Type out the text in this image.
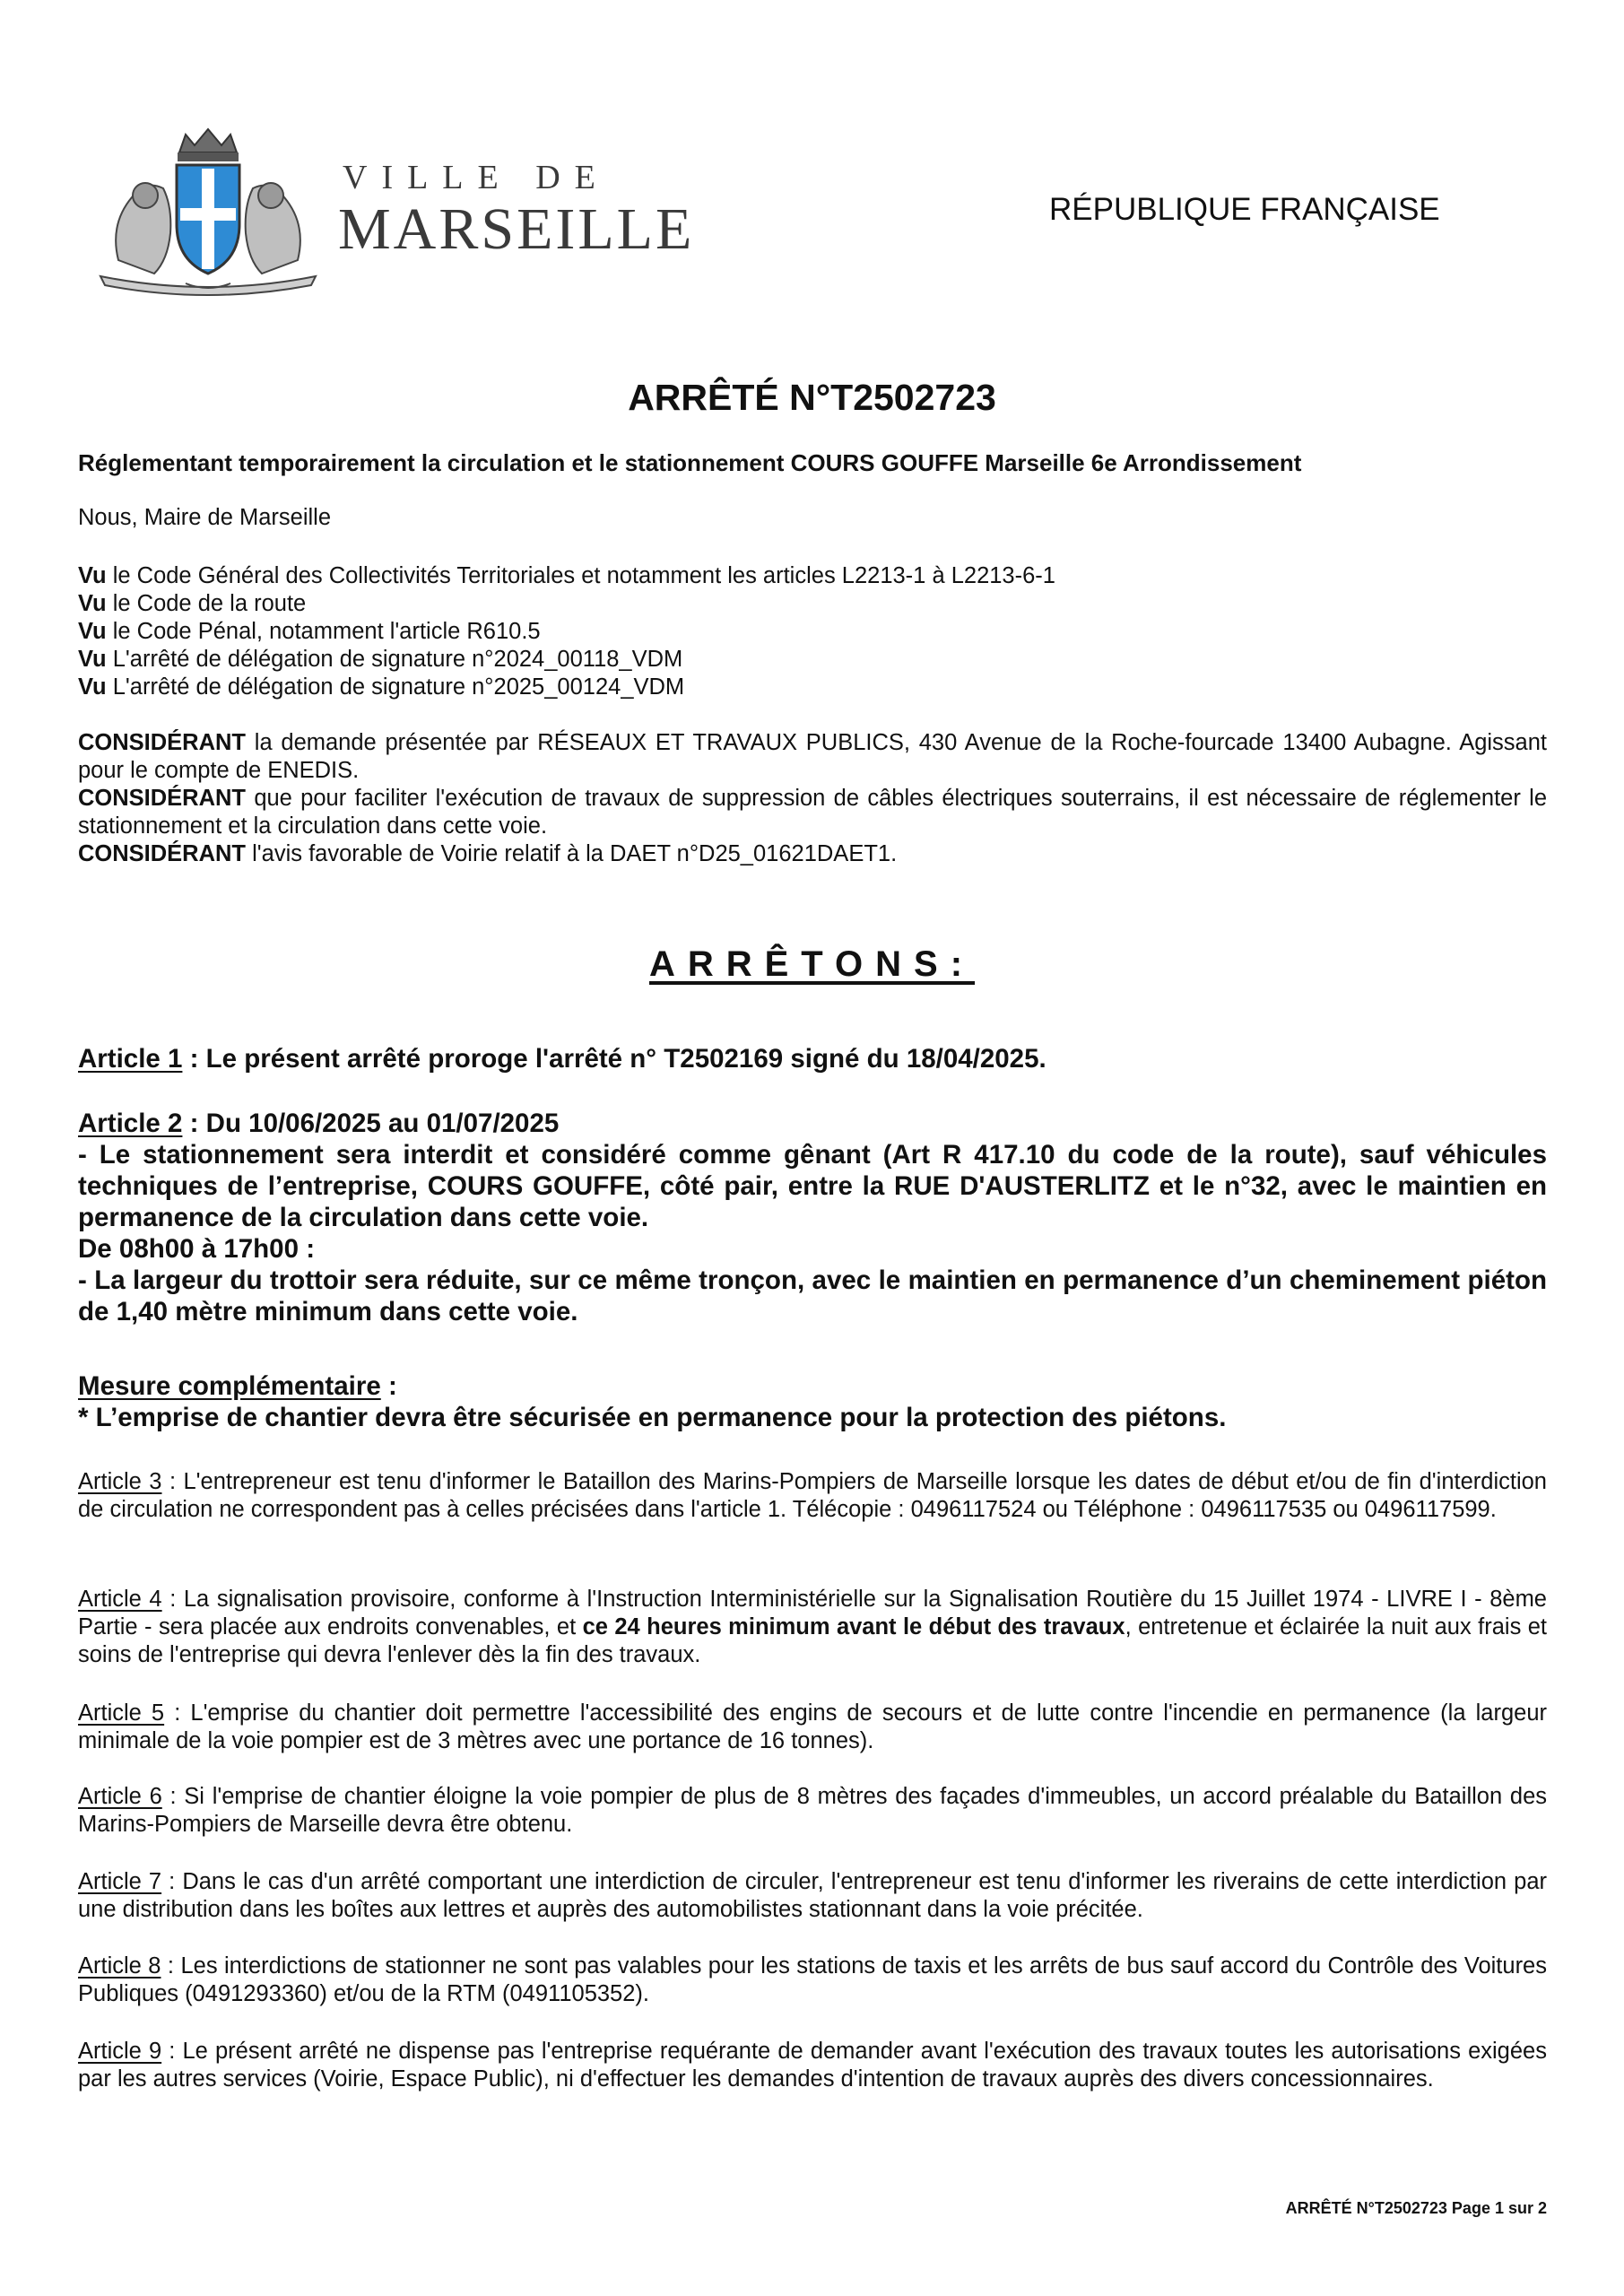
VILLE DE
MARSEILLE	RÉPUBLIQUE FRANÇAISE
ARRÊTÉ N°T2502723
Réglementant temporairement la circulation et le stationnement COURS GOUFFE Marseille 6e Arrondissement

Nous, Maire de Marseille

Vu le Code Général des Collectivités Territoriales et notamment les articles L2213-1 à L2213-6-1

Vu le Code de la route

Vu le Code Pénal, notamment l'article R610.5

Vu L'arrêté de délégation de signature n°2024_00118_VDM

Vu L'arrêté de délégation de signature n°2025_00124_VDM

CONSIDÉRANT la demande présentée par RÉSEAUX ET TRAVAUX PUBLICS, 430 Avenue de la Roche-fourcade 13400 Aubagne. Agissant pour le compte de ENEDIS.

CONSIDÉRANT que pour faciliter l'exécution de travaux de suppression de câbles électriques souterrains, il est nécessaire de réglementer le stationnement et la circulation dans cette voie.

CONSIDÉRANT l'avis favorable de Voirie relatif à la DAET n°D25_01621DAET1.

ARRÊTONS:

Article 1 : Le présent arrêté proroge l'arrêté n° T2502169 signé du 18/04/2025.

Article 2 : Du 10/06/2025 au 01/07/2025

- Le stationnement sera interdit et considéré comme gênant (Art R 417.10 du code de la route), sauf véhicules techniques de l’entreprise, COURS GOUFFE, côté pair, entre la RUE D'AUSTERLITZ et le n°32, avec le maintien en permanence de la circulation dans cette voie.

De 08h00 à 17h00 :

- La largeur du trottoir sera réduite, sur ce même tronçon, avec le maintien en permanence d’un cheminement piéton de 1,40 mètre minimum dans cette voie.

Mesure complémentaire :

* L’emprise de chantier devra être sécurisée en permanence pour la protection des piétons.

Article 3 : L'entrepreneur est tenu d'informer le Bataillon des Marins-Pompiers de Marseille lorsque les dates de début et/ou de fin d'interdiction de circulation ne correspondent pas à celles précisées dans l'article 1. Télécopie : 0496117524 ou Téléphone : 0496117535 ou 0496117599.

Article 4 : La signalisation provisoire, conforme à l'Instruction Interministérielle sur la Signalisation Routière du 15 Juillet 1974 - LIVRE I - 8ème Partie - sera placée aux endroits convenables, et ce 24 heures minimum avant le début des travaux, entretenue et éclairée la nuit aux frais et soins de l'entreprise qui devra l'enlever dès la fin des travaux.

Article 5 : L'emprise du chantier doit permettre l'accessibilité des engins de secours et de lutte contre l'incendie en permanence (la largeur minimale de la voie pompier est de 3 mètres avec une portance de 16 tonnes).

Article 6 : Si l'emprise de chantier éloigne la voie pompier de plus de 8 mètres des façades d'immeubles, un accord préalable du Bataillon des Marins-Pompiers de Marseille devra être obtenu.

Article 7 : Dans le cas d'un arrêté comportant une interdiction de circuler, l'entrepreneur est tenu d'informer les riverains de cette interdiction par une distribution dans les boîtes aux lettres et auprès des automobilistes stationnant dans la voie précitée.

Article 8 : Les interdictions de stationner ne sont pas valables pour les stations de taxis et les arrêts de bus sauf accord du Contrôle des Voitures Publiques (0491293360) et/ou de la RTM (0491105352).

Article 9 : Le présent arrêté ne dispense pas l'entreprise requérante de demander avant l'exécution des travaux toutes les autorisations exigées par les autres services (Voirie, Espace Public), ni d'effectuer les demandes d'intention de travaux auprès des divers concessionnaires.

ARRÊTÉ N°T2502723 Page 1 sur 2
